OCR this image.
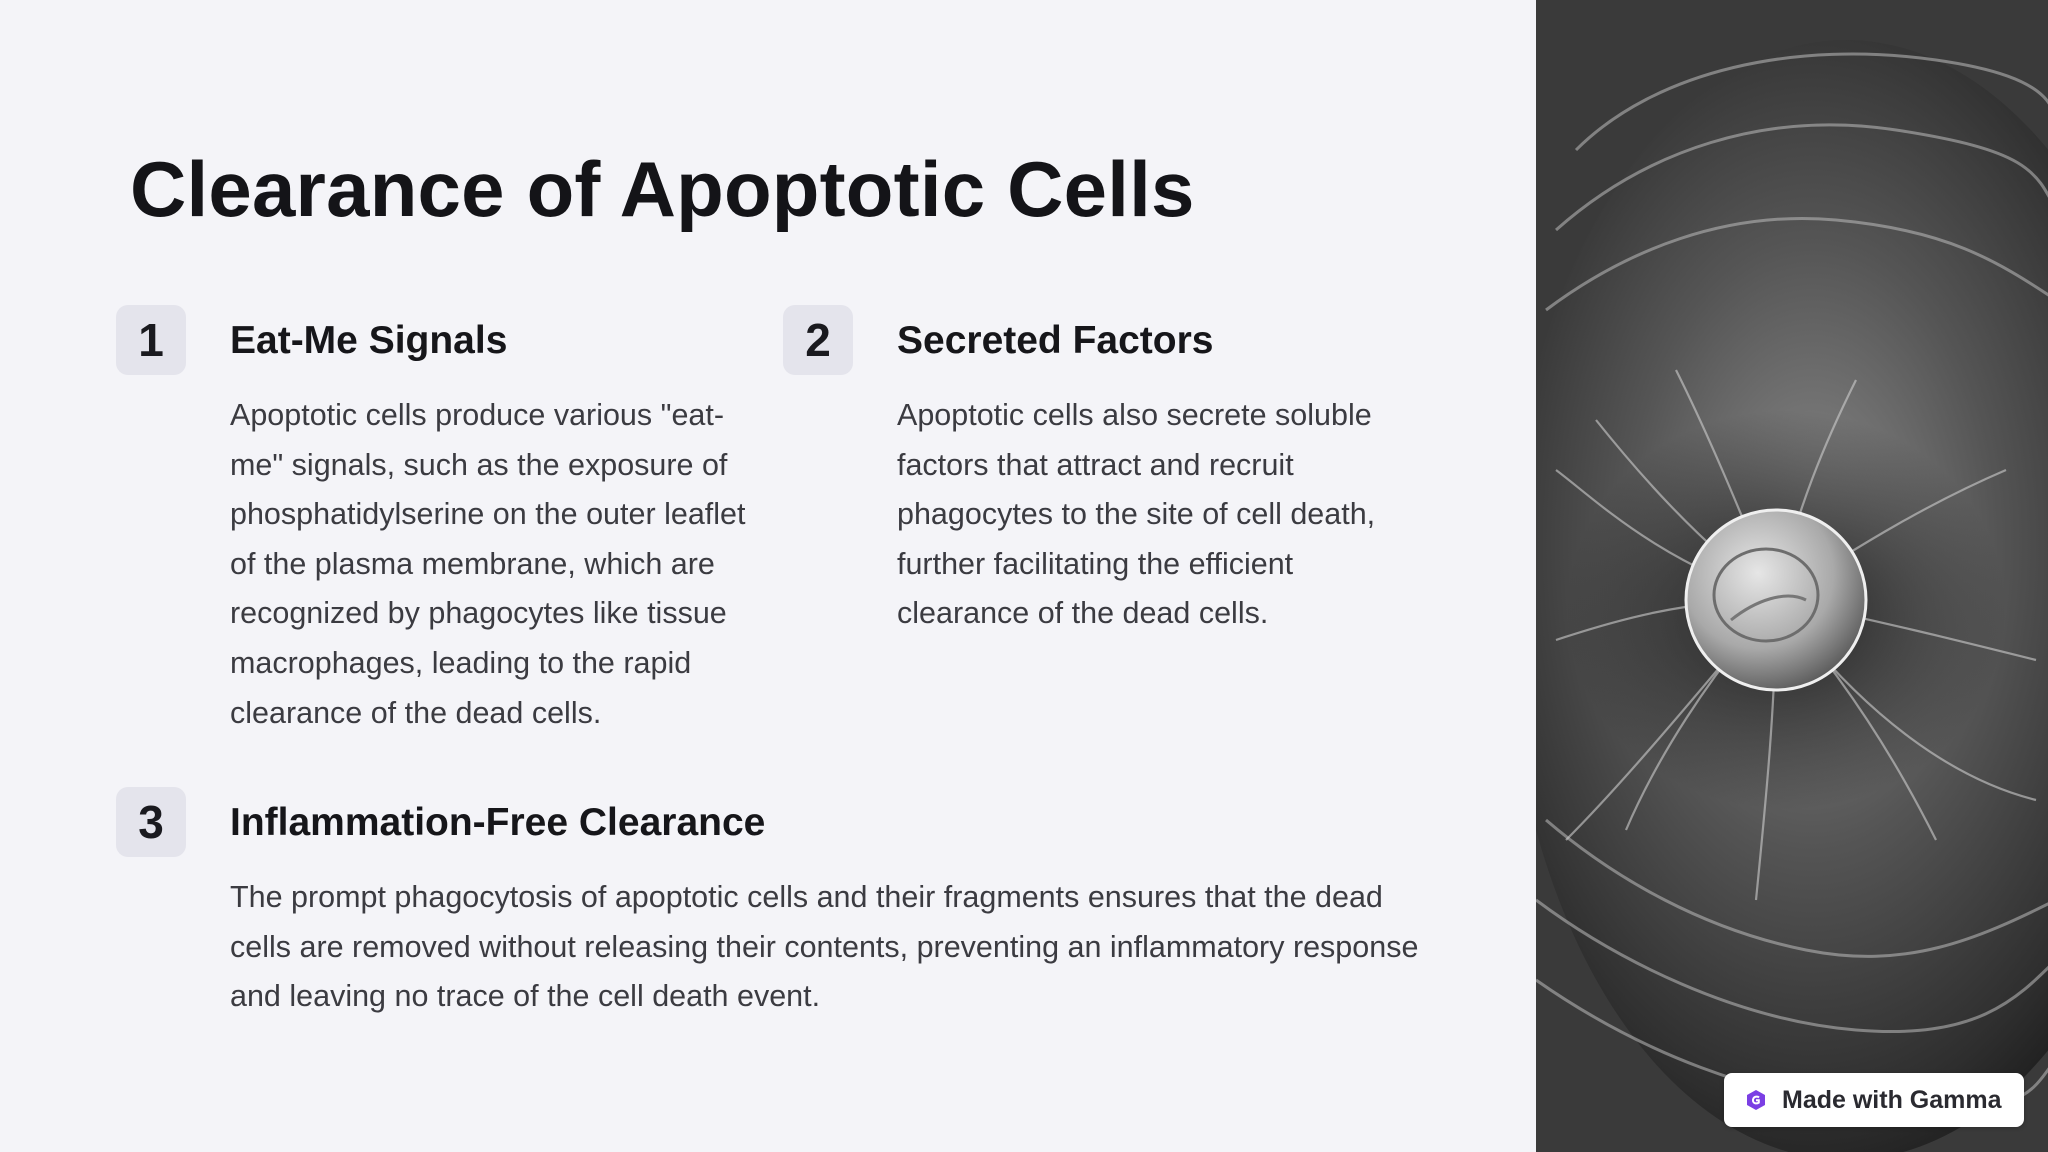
Clearance of Apoptotic Cells
1	Eat-Me Signals

Apoptotic cells produce various "eat-me" signals, such as the exposure of phosphatidylserine on the outer leaflet of the plasma membrane, which are recognized by phagocytes like tissue macrophages, leading to the rapid clearance of the dead cells.

2	Secreted Factors

Apoptotic cells also secrete soluble factors that attract and recruit phagocytes to the site of cell death, further facilitating the efficient clearance of the dead cells.

3	Inflammation-Free Clearance

The prompt phagocytosis of apoptotic cells and their fragments ensures that the dead cells are removed without releasing their contents, preventing an inflammatory response and leaving no trace of the cell death event.

Made with Gamma
